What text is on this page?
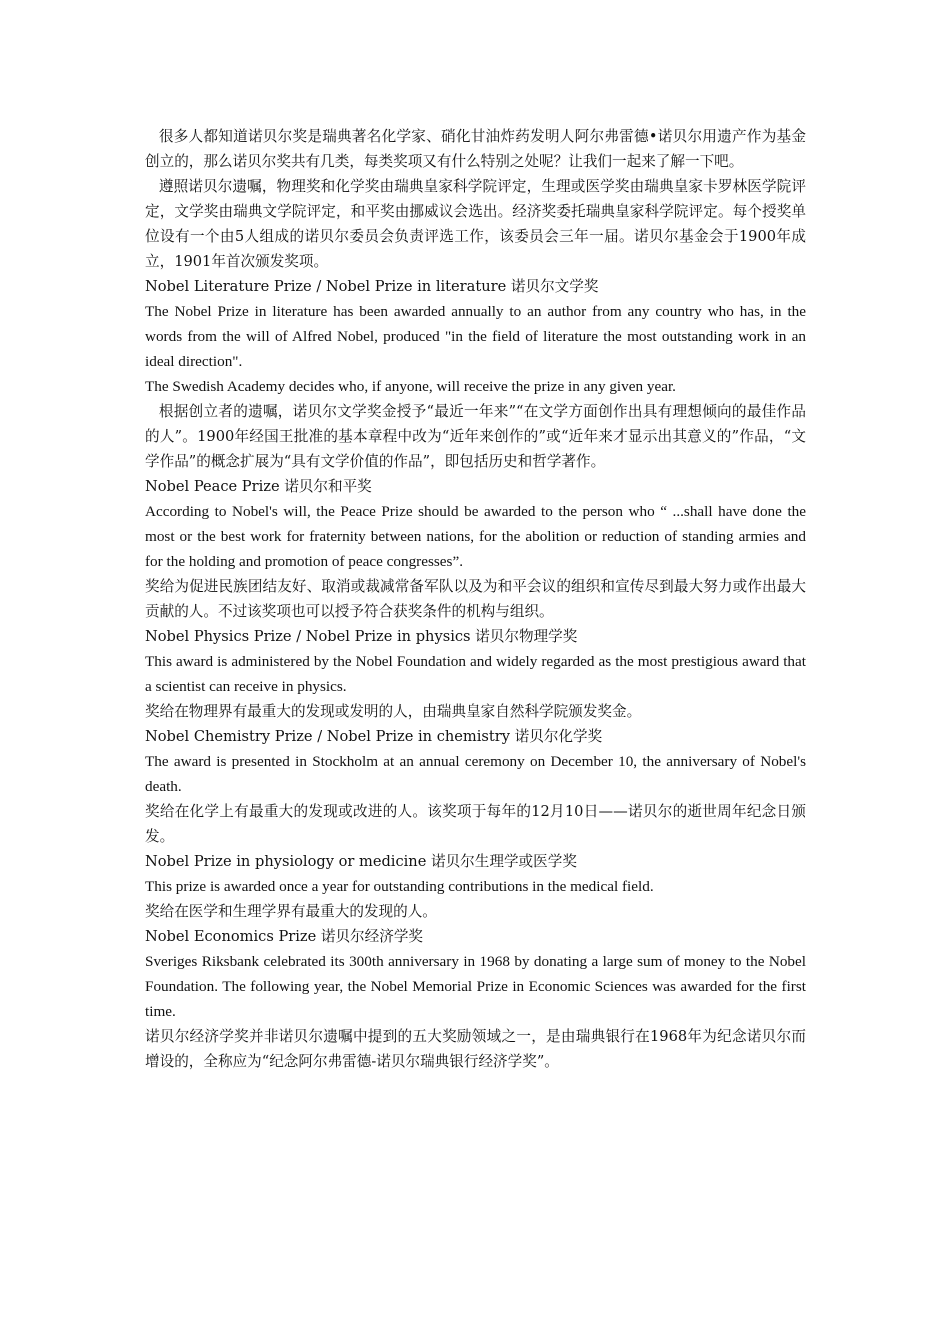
很多人都知道诺贝尔奖是瑞典著名化学家、硝化甘油炸药发明人阿尔弗雷德•诺贝尔用遗产作为基金创立的，那么诺贝尔奖共有几类，每类奖项又有什么特别之处呢？让我们一起来了解一下吧。

遵照诺贝尔遗嘱，物理奖和化学奖由瑞典皇家科学院评定，生理或医学奖由瑞典皇家卡罗林医学院评定，文学奖由瑞典文学院评定，和平奖由挪威议会选出。经济奖委托瑞典皇家科学院评定。每个授奖单位设有一个由5人组成的诺贝尔委员会负责评选工作，该委员会三年一届。诺贝尔基金会于1900年成立，1901年首次颁发奖项。

Nobel Literature Prize / Nobel Prize in literature 诺贝尔文学奖

The Nobel Prize in literature has been awarded annually to an author from any country who has, in the words from the will of Alfred Nobel, produced "in the field of literature the most outstanding work in an ideal direction".

The Swedish Academy decides who, if anyone, will receive the prize in any given year.

根据创立者的遗嘱，诺贝尔文学奖金授予“最近一年来”“在文学方面创作出具有理想倾向的最佳作品的人”。1900年经国王批准的基本章程中改为“近年来创作的”或“近年来才显示出其意义的”作品，“文学作品”的概念扩展为“具有文学价值的作品”，即包括历史和哲学著作。

Nobel Peace Prize 诺贝尔和平奖

According to Nobel's will, the Peace Prize should be awarded to the person who “ ...shall have done the most or the best work for fraternity between nations, for the abolition or reduction of standing armies and for the holding and promotion of peace congresses”.

奖给为促进民族团结友好、取消或裁减常备军队以及为和平会议的组织和宣传尽到最大努力或作出最大贡献的人。不过该奖项也可以授予符合获奖条件的机构与组织。

Nobel Physics Prize / Nobel Prize in physics 诺贝尔物理学奖

This award is administered by the Nobel Foundation and widely regarded as the most prestigious award that a scientist can receive in physics.

奖给在物理界有最重大的发现或发明的人，由瑞典皇家自然科学院颁发奖金。

Nobel Chemistry Prize / Nobel Prize in chemistry 诺贝尔化学奖

The award is presented in Stockholm at an annual ceremony on December 10, the anniversary of Nobel's death.

奖给在化学上有最重大的发现或改进的人。该奖项于每年的12月10日——诺贝尔的逝世周年纪念日颁发。

Nobel Prize in physiology or medicine 诺贝尔生理学或医学奖

This prize is awarded once a year for outstanding contributions in the medical field.

奖给在医学和生理学界有最重大的发现的人。

Nobel Economics Prize 诺贝尔经济学奖

Sveriges Riksbank celebrated its 300th anniversary in 1968 by donating a large sum of money to the Nobel Foundation. The following year, the Nobel Memorial Prize in Economic Sciences was awarded for the first time.

诺贝尔经济学奖并非诺贝尔遗嘱中提到的五大奖励领域之一，是由瑞典银行在1968年为纪念诺贝尔而增设的，全称应为“纪念阿尔弗雷德-诺贝尔瑞典银行经济学奖”。
